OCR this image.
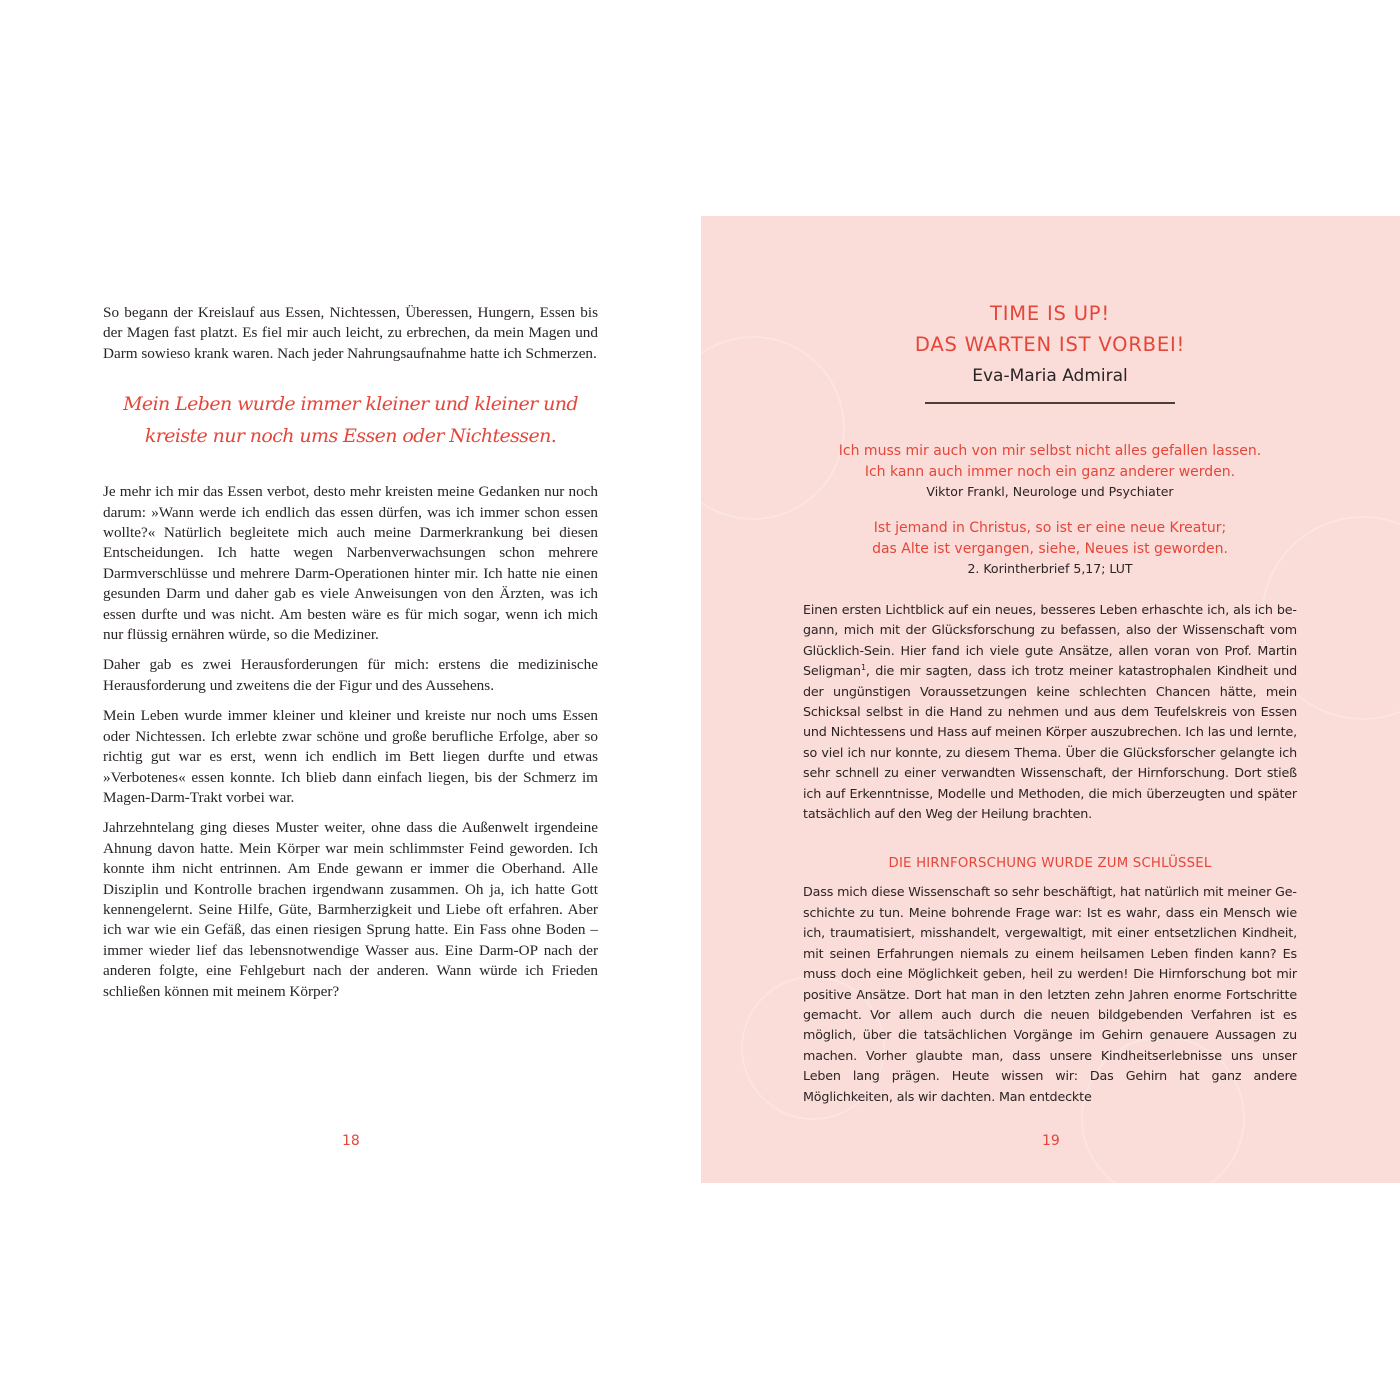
So begann der Kreislauf aus Essen, Nichtessen, Überessen, Hungern, Essen bis der Magen fast platzt. Es fiel mir auch leicht, zu erbrechen, da mein Magen und Darm sowieso krank waren. Nach jeder Nahrungsaufnahme hatte ich Schmerzen.

Mein Leben wurde immer kleiner und kleiner und
kreiste nur noch ums Essen oder Nichtessen.

Je mehr ich mir das Essen verbot, desto mehr kreisten meine Gedanken nur noch darum: »Wann werde ich endlich das essen dürfen, was ich immer schon essen wollte?« Natürlich begleitete mich auch meine Darmerkrankung bei diesen Entscheidungen. Ich hatte wegen Narbenverwachsungen schon mehrere Darmverschlüsse und mehrere Darm-Operationen hinter mir. Ich hatte nie einen gesunden Darm und daher gab es viele Anweisungen von den Ärzten, was ich essen durfte und was nicht. Am besten wäre es für mich sogar, wenn ich mich nur flüssig ernähren würde, so die Mediziner.

Daher gab es zwei Herausforderungen für mich: erstens die medizinische Herausforderung und zweitens die der Figur und des Aussehens.

Mein Leben wurde immer kleiner und kleiner und kreiste nur noch ums Essen oder Nichtessen. Ich erlebte zwar schöne und große berufliche Erfolge, aber so richtig gut war es erst, wenn ich endlich im Bett liegen durfte und etwas »Verbotenes« essen konnte. Ich blieb dann einfach liegen, bis der Schmerz im Magen-Darm-Trakt vorbei war.

Jahrzehntelang ging dieses Muster weiter, ohne dass die Außenwelt irgendeine Ahnung davon hatte. Mein Körper war mein schlimmster Feind geworden. Ich konnte ihm nicht entrinnen. Am Ende gewann er immer die Oberhand. Alle Disziplin und Kontrolle brachen irgendwann zusammen. Oh ja, ich hatte Gott kennengelernt. Seine Hilfe, Güte, Barmherzigkeit und Liebe oft erfahren. Aber ich war wie ein Gefäß, das einen riesigen Sprung hatte. Ein Fass ohne Boden – immer wieder lief das lebensnotwendige Wasser aus. Eine Darm-OP nach der anderen folgte, eine Fehlgeburt nach der anderen. Wann würde ich Frieden schließen können mit meinem Körper?

18
TIME IS UP!
DAS WARTEN IST VORBEI!
Eva-Maria Admiral
Ich muss mir auch von mir selbst nicht alles gefallen lassen.
Ich kann auch immer noch ein ganz anderer werden.
Viktor Frankl, Neurologe und Psychiater
Ist jemand in Christus, so ist er eine neue Kreatur;
das Alte ist vergangen, siehe, Neues ist geworden.
2. Korintherbrief 5,17; LUT

Einen ersten Lichtblick auf ein neues, besseres Leben erhaschte ich, als ich begann, mich mit der Glücksforschung zu befassen, also der Wissenschaft vom Glücklich-Sein. Hier fand ich viele gute Ansätze, allen voran von Prof. Martin Seligman$^1$, die mir sagten, dass ich trotz meiner katastrophalen Kindheit und der ungünstigen Voraussetzungen keine schlechten Chancen hätte, mein Schicksal selbst in die Hand zu nehmen und aus dem Teufelskreis von Essen und Nichtessens und Hass auf meinen Körper auszubrechen. Ich las und lernte, so viel ich nur konnte, zu diesem Thema. Über die Glücksforscher gelangte ich sehr schnell zu einer verwandten Wissenschaft, der Hirnforschung. Dort stieß ich auf Erkenntnisse, Modelle und Methoden, die mich überzeugten und später tatsächlich auf den Weg der Heilung brachten.

DIE HIRNFORSCHUNG WURDE ZUM SCHLÜSSEL

Dass mich diese Wissenschaft so sehr beschäftigt, hat natürlich mit meiner Geschichte zu tun. Meine bohrende Frage war: Ist es wahr, dass ein Mensch wie ich, traumatisiert, misshandelt, vergewaltigt, mit einer entsetzlichen Kindheit, mit seinen Erfahrungen niemals zu einem heilsamen Leben finden kann? Es muss doch eine Möglichkeit geben, heil zu werden! Die Hirnforschung bot mir positive Ansätze. Dort hat man in den letzten zehn Jahren enorme Fortschritte gemacht. Vor allem auch durch die neuen bildgebenden Verfahren ist es möglich, über die tatsächlichen Vorgänge im Gehirn genauere Aussagen zu machen. Vorher glaubte man, dass unsere Kindheitserlebnisse uns unser Leben lang prägen. Heute wissen wir: Das Gehirn hat ganz andere Möglichkeiten, als wir dachten. Man entdeckte

19
